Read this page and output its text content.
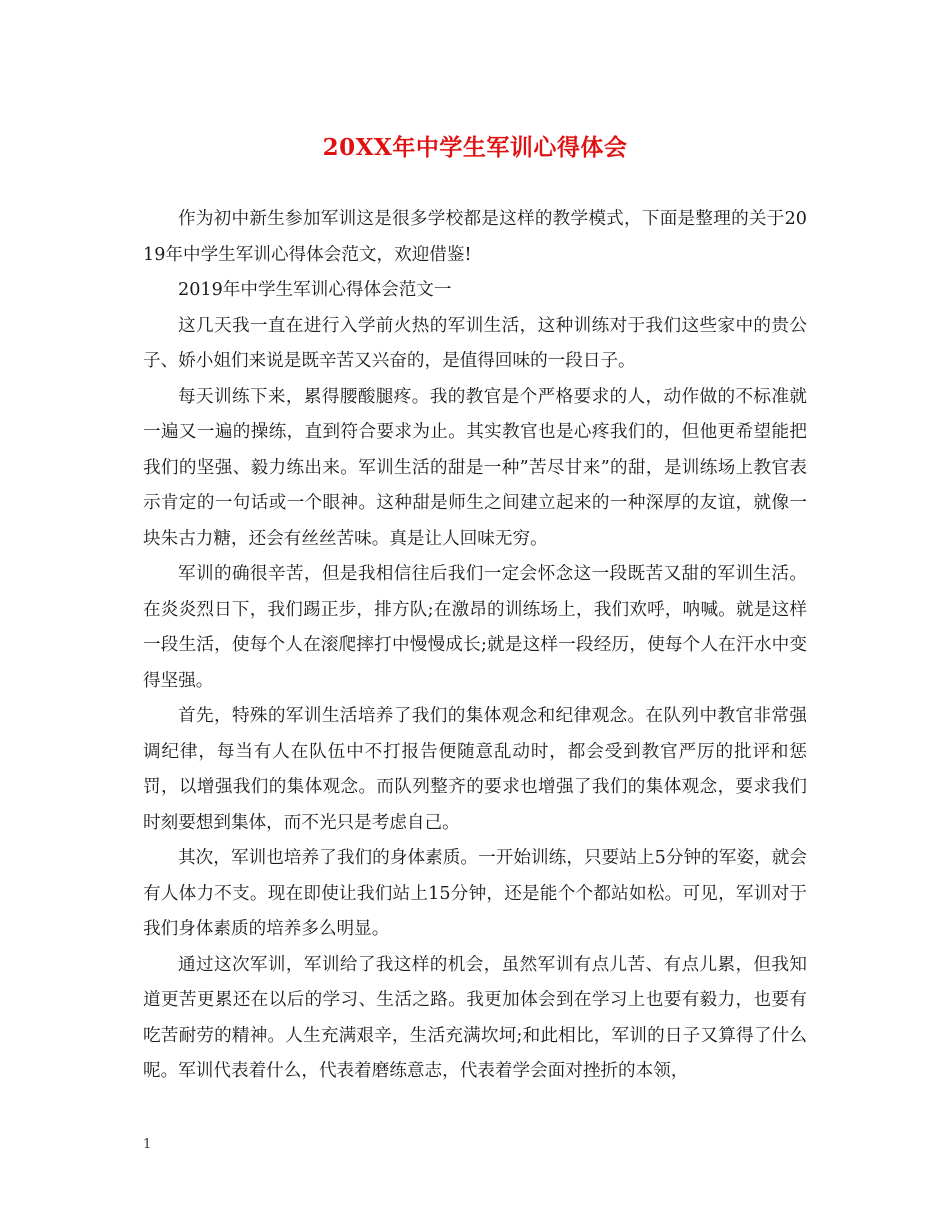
20XX年中学生军训心得体会

作为初中新生参加军训这是很多学校都是这样的教学模式，下面是整理的关于2019年中学生军训心得体会范文，欢迎借鉴!

2019年中学生军训心得体会范文一

这几天我一直在进行入学前火热的军训生活，这种训练对于我们这些家中的贵公子、娇小姐们来说是既辛苦又兴奋的，是值得回味的一段日子。

每天训练下来，累得腰酸腿疼。我的教官是个严格要求的人，动作做的不标准就一遍又一遍的操练，直到符合要求为止。其实教官也是心疼我们的，但他更希望能把我们的坚强、毅力练出来。军训生活的甜是一种”苦尽甘来”的甜，是训练场上教官表示肯定的一句话或一个眼神。这种甜是师生之间建立起来的一种深厚的友谊，就像一块朱古力糖，还会有丝丝苦味。真是让人回味无穷。

军训的确很辛苦，但是我相信往后我们一定会怀念这一段既苦又甜的军训生活。在炎炎烈日下，我们踢正步，排方队;在激昂的训练场上，我们欢呼，呐喊。就是这样一段生活，使每个人在滚爬摔打中慢慢成长;就是这样一段经历，使每个人在汗水中变得坚强。

首先，特殊的军训生活培养了我们的集体观念和纪律观念。在队列中教官非常强调纪律，每当有人在队伍中不打报告便随意乱动时，都会受到教官严厉的批评和惩罚，以增强我们的集体观念。而队列整齐的要求也增强了我们的集体观念，要求我们时刻要想到集体，而不光只是考虑自己。

其次，军训也培养了我们的身体素质。一开始训练，只要站上5分钟的军姿，就会有人体力不支。现在即使让我们站上15分钟，还是能个个都站如松。可见，军训对于我们身体素质的培养多么明显。

通过这次军训，军训给了我这样的机会，虽然军训有点儿苦、有点儿累，但我知道更苦更累还在以后的学习、生活之路。我更加体会到在学习上也要有毅力，也要有吃苦耐劳的精神。人生充满艰辛，生活充满坎坷;和此相比，军训的日子又算得了什么呢。军训代表着什么，代表着磨练意志，代表着学会面对挫折的本领，

1
